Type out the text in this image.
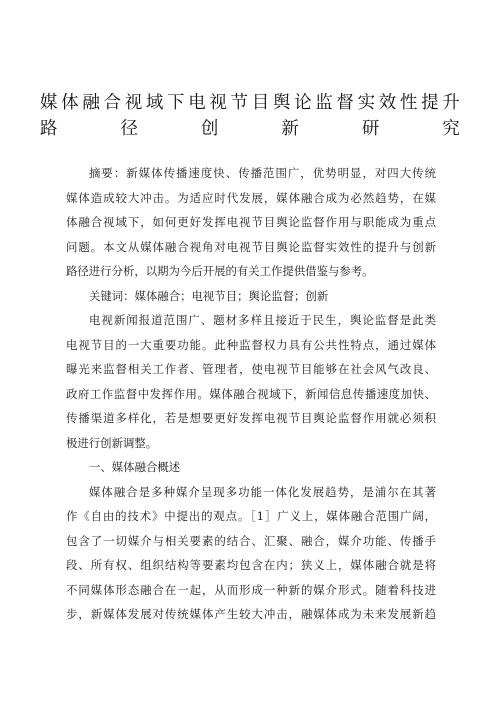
媒体融合视域下电视节目舆论监督实效性提升
路径创新研究

摘要：新媒体传播速度快、传播范围广，优势明显，对四大传统
媒体造成较大冲击。为适应时代发展，媒体融合成为必然趋势，在媒
体融合视域下，如何更好发挥电视节目舆论监督作用与职能成为重点
问题。本文从媒体融合视角对电视节目舆论监督实效性的提升与创新
路径进行分析，以期为今后开展的有关工作提供借鉴与参考。

关键词：媒体融合；电视节目；舆论监督；创新

电视新闻报道范围广、题材多样且接近于民生，舆论监督是此类
电视节目的一大重要功能。此种监督权力具有公共性特点，通过媒体
曝光来监督相关工作者、管理者，使电视节目能够在社会风气改良、
政府工作监督中发挥作用。媒体融合视域下，新闻信息传播速度加快、
传播渠道多样化，若是想要更好发挥电视节目舆论监督作用就必须积
极进行创新调整。

一、媒体融合概述

媒体融合是多种媒介呈现多功能一体化发展趋势，是浦尔在其著
作《自由的技术》中提出的观点。［1］广义上，媒体融合范围广阔，
包含了一切媒介与相关要素的结合、汇聚、融合，媒介功能、传播手
段、所有权、组织结构等要素均包含在内；狭义上，媒体融合就是将
不同媒体形态融合在一起，从而形成一种新的媒介形式。随着科技进
步，新媒体发展对传统媒体产生较大冲击，融媒体成为未来发展新趋
